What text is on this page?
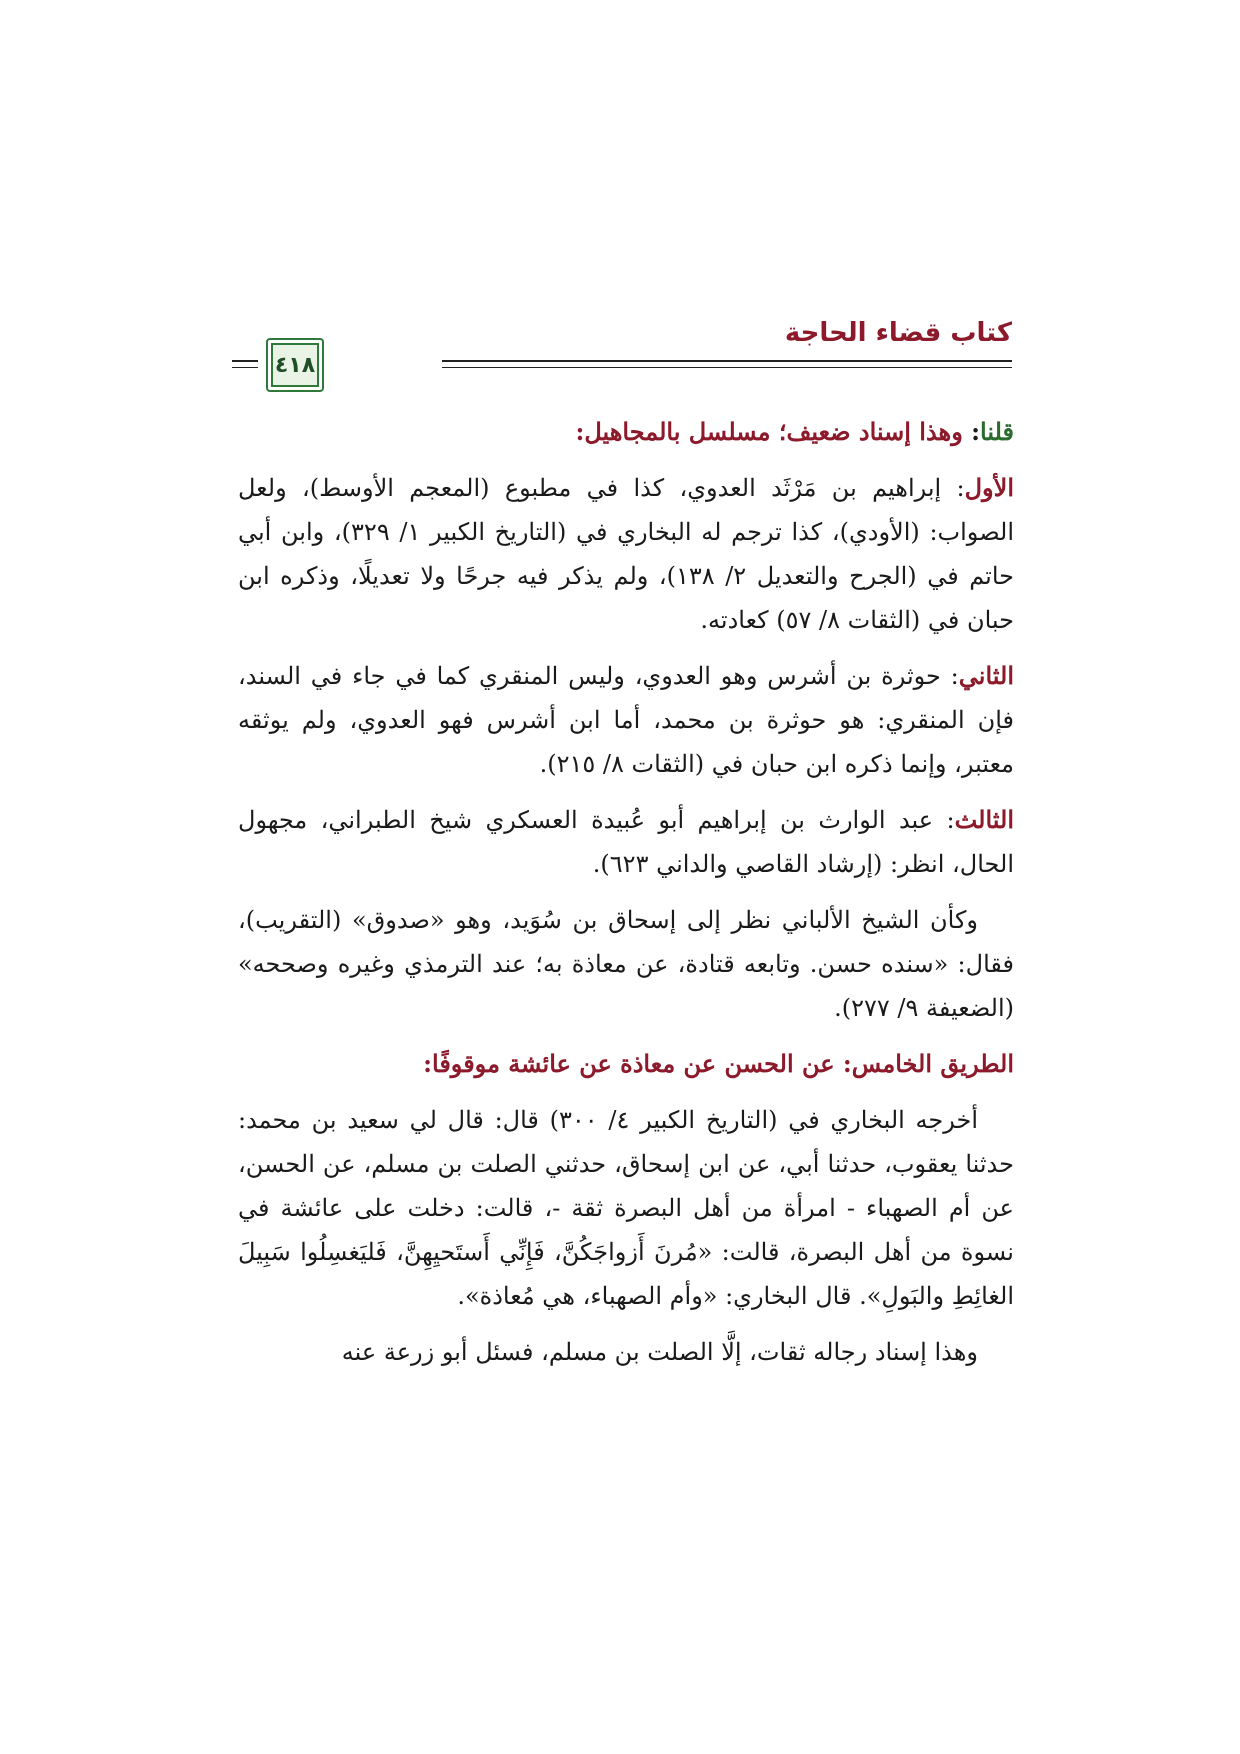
كتاب قضاء الحاجة
٤١٨

قلنا: وهذا إسناد ضعيف؛ مسلسل بالمجاهيل:

الأول: إبراهيم بن مَرْثَد العدوي، كذا في مطبوع (المعجم الأوسط)، ولعل الصواب: (الأودي)، كذا ترجم له البخاري في (التاريخ الكبير ١/ ٣٢٩)، وابن أبي حاتم في (الجرح والتعديل ٢/ ١٣٨)، ولم يذكر فيه جرحًا ولا تعديلًا، وذكره ابن حبان في (الثقات ٨/ ٥٧) كعادته.

الثاني: حوثرة بن أشرس وهو العدوي، وليس المنقري كما في جاء في السند، فإن المنقري: هو حوثرة بن محمد، أما ابن أشرس فهو العدوي، ولم يوثقه معتبر، وإنما ذكره ابن حبان في (الثقات ٨/ ٢١٥).

الثالث: عبد الوارث بن إبراهيم أبو عُبيدة العسكري شيخ الطبراني، مجهول الحال، انظر: (إرشاد القاصي والداني ٦٢٣).

وكأن الشيخ الألباني نظر إلى إسحاق بن سُوَيد، وهو «صدوق» (التقريب)، فقال: «سنده حسن. وتابعه قتادة، عن معاذة به؛ عند الترمذي وغيره وصححه» (الضعيفة ٩/ ٢٧٧).

الطريق الخامس: عن الحسن عن معاذة عن عائشة موقوفًا:

أخرجه البخاري في (التاريخ الكبير ٤/ ٣٠٠) قال: قال لي سعيد بن محمد: حدثنا يعقوب، حدثنا أبي، عن ابن إسحاق، حدثني الصلت بن مسلم، عن الحسن، عن أم الصهباء - امرأة من أهل البصرة ثقة -، قالت: دخلت على عائشة في نسوة من أهل البصرة، قالت: «مُرنَ أَزواجَكُنَّ، فَإِنِّي أَستَحيِهِنَّ، فَليَغسِلُوا سَبِيلَ الغائِطِ والبَولِ». قال البخاري: «وأم الصهباء، هي مُعاذة».

وهذا إسناد رجاله ثقات، إلَّا الصلت بن مسلم، فسئل أبو زرعة عنه
